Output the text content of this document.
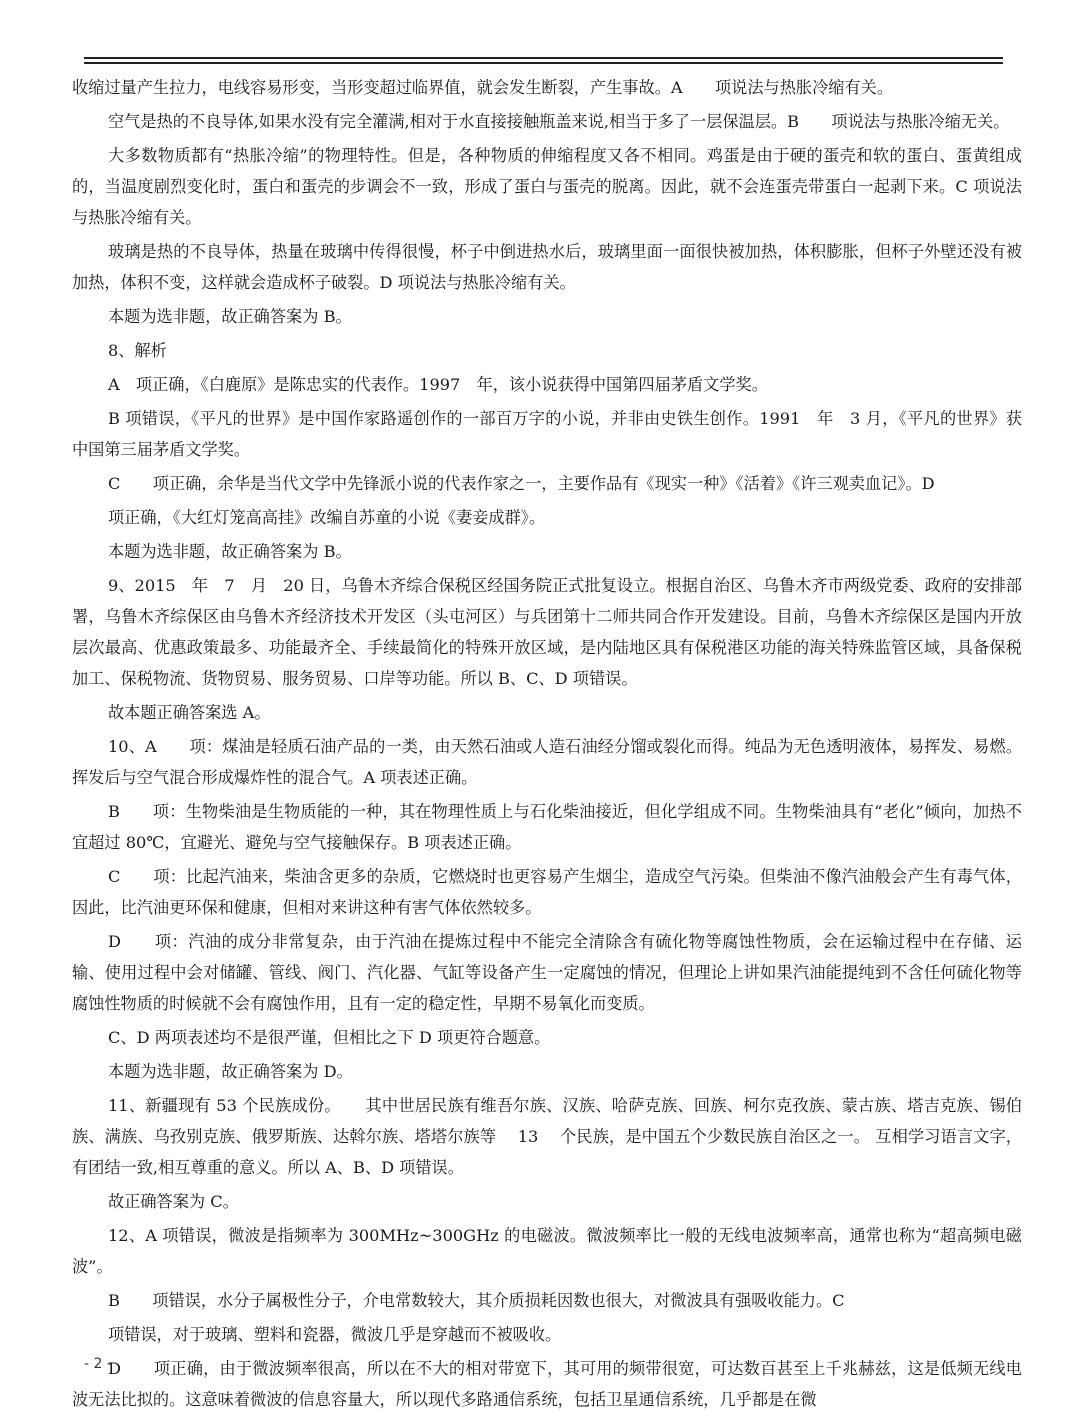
收缩过量产生拉力，电线容易形变，当形变超过临界值，就会发生断裂，产生事故。A　　项说法与热胀冷缩有关。

空气是热的不良导体,如果水没有完全灌满,相对于水直接接触瓶盖来说,相当于多了一层保温层。B　　项说法与热胀冷缩无关。

大多数物质都有“热胀冷缩”的物理特性。但是，各种物质的伸缩程度又各不相同。鸡蛋是由于硬的蛋壳和软的蛋白、蛋黄组成的，当温度剧烈变化时，蛋白和蛋壳的步调会不一致，形成了蛋白与蛋壳的脱离。因此，就不会连蛋壳带蛋白一起剥下来。C 项说法与热胀冷缩有关。

玻璃是热的不良导体，热量在玻璃中传得很慢，杯子中倒进热水后，玻璃里面一面很快被加热，体积膨胀，但杯子外壁还没有被加热，体积不变，这样就会造成杯子破裂。D 项说法与热胀冷缩有关。

本题为选非题，故正确答案为 B。

8、解析

A　项正确，《白鹿原》是陈忠实的代表作。1997　年，该小说获得中国第四届茅盾文学奖。

B 项错误，《平凡的世界》是中国作家路遥创作的一部百万字的小说，并非由史铁生创作。1991　年　3 月，《平凡的世界》获中国第三届茅盾文学奖。

C　　项正确，余华是当代文学中先锋派小说的代表作家之一，主要作品有《现实一种》《活着》《许三观卖血记》。D

项正确，《大红灯笼高高挂》改编自苏童的小说《妻妾成群》。

本题为选非题，故正确答案为 B。

9、2015　年　7　月　20 日，乌鲁木齐综合保税区经国务院正式批复设立。根据自治区、乌鲁木齐市两级党委、政府的安排部署，乌鲁木齐综保区由乌鲁木齐经济技术开发区（头屯河区）与兵团第十二师共同合作开发建设。目前，乌鲁木齐综保区是国内开放层次最高、优惠政策最多、功能最齐全、手续最简化的特殊开放区域，是内陆地区具有保税港区功能的海关特殊监管区域，具备保税加工、保税物流、货物贸易、服务贸易、口岸等功能。所以 B、C、D 项错误。

故本题正确答案选 A。

10、A　　项：煤油是轻质石油产品的一类，由天然石油或人造石油经分馏或裂化而得。纯品为无色透明液体，易挥发、易燃。挥发后与空气混合形成爆炸性的混合气。A 项表述正确。

B　　项：生物柴油是生物质能的一种，其在物理性质上与石化柴油接近，但化学组成不同。生物柴油具有“老化”倾向，加热不宜超过 80℃，宜避光、避免与空气接触保存。B 项表述正确。

C　　项：比起汽油来，柴油含更多的杂质，它燃烧时也更容易产生烟尘，造成空气污染。但柴油不像汽油般会产生有毒气体，因此，比汽油更环保和健康，但相对来讲这种有害气体依然较多。

D　　项：汽油的成分非常复杂，由于汽油在提炼过程中不能完全清除含有硫化物等腐蚀性物质，会在运输过程中在存储、运输、使用过程中会对储罐、管线、阀门、汽化器、气缸等设备产生一定腐蚀的情况，但理论上讲如果汽油能提纯到不含任何硫化物等腐蚀性物质的时候就不会有腐蚀作用，且有一定的稳定性，早期不易氧化而变质。

C、D 两项表述均不是很严谨，但相比之下 D 项更符合题意。

本题为选非题，故正确答案为 D。

11、新疆现有 53 个民族成份。　　其中世居民族有维吾尔族、汉族、哈萨克族、回族、柯尔克孜族、蒙古族、塔吉克族、锡伯族、满族、乌孜别克族、俄罗斯族、达斡尔族、塔塔尔族等　 13　 个民族，是中国五个少数民族自治区之一。 互相学习语言文字，有团结一致,相互尊重的意义。所以 A、B、D 项错误。

故正确答案为 C。

12、A 项错误，微波是指频率为 300MHz~300GHz 的电磁波。微波频率比一般的无线电波频率高，通常也称为“超高频电磁波”。

B　　项错误，水分子属极性分子，介电常数较大，其介质损耗因数也很大，对微波具有强吸收能力。C

项错误，对于玻璃、塑料和瓷器，微波几乎是穿越而不被吸收。

D　　项正确，由于微波频率很高，所以在不大的相对带宽下，其可用的频带很宽，可达数百甚至上千兆赫兹，这是低频无线电波无法比拟的。这意味着微波的信息容量大，所以现代多路通信系统，包括卫星通信系统，几乎都是在微

- 2 -
